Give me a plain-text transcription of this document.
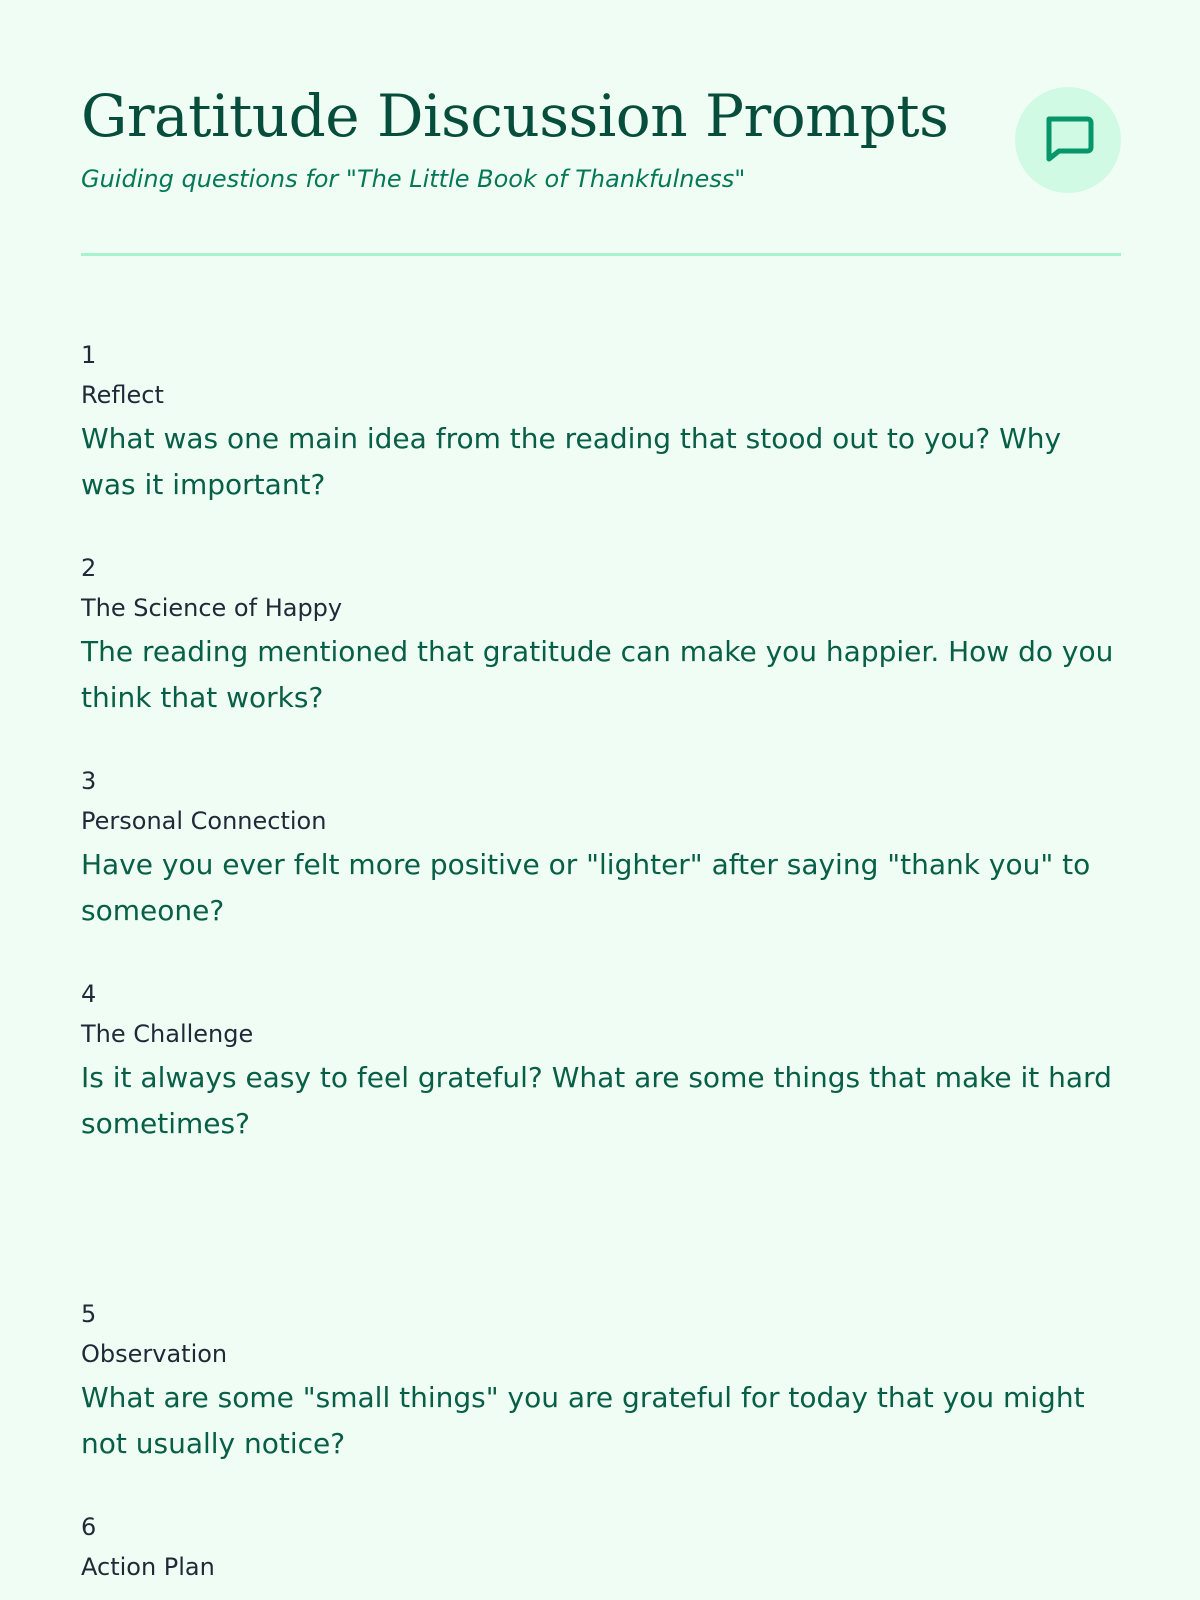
Gratitude Discussion Prompts

Guiding questions for "The Little Book of Thankfulness"

1
Reflect

What was one main idea from the reading that stood out to you? Why was it important?

2
The Science of Happy

The reading mentioned that gratitude can make you happier. How do you think that works?

3
Personal Connection

Have you ever felt more positive or "lighter" after saying "thank you" to someone?

4
The Challenge

Is it always easy to feel grateful? What are some things that make it hard sometimes?

5
Observation

What are some "small things" you are grateful for today that you might not usually notice?

6
Action Plan
